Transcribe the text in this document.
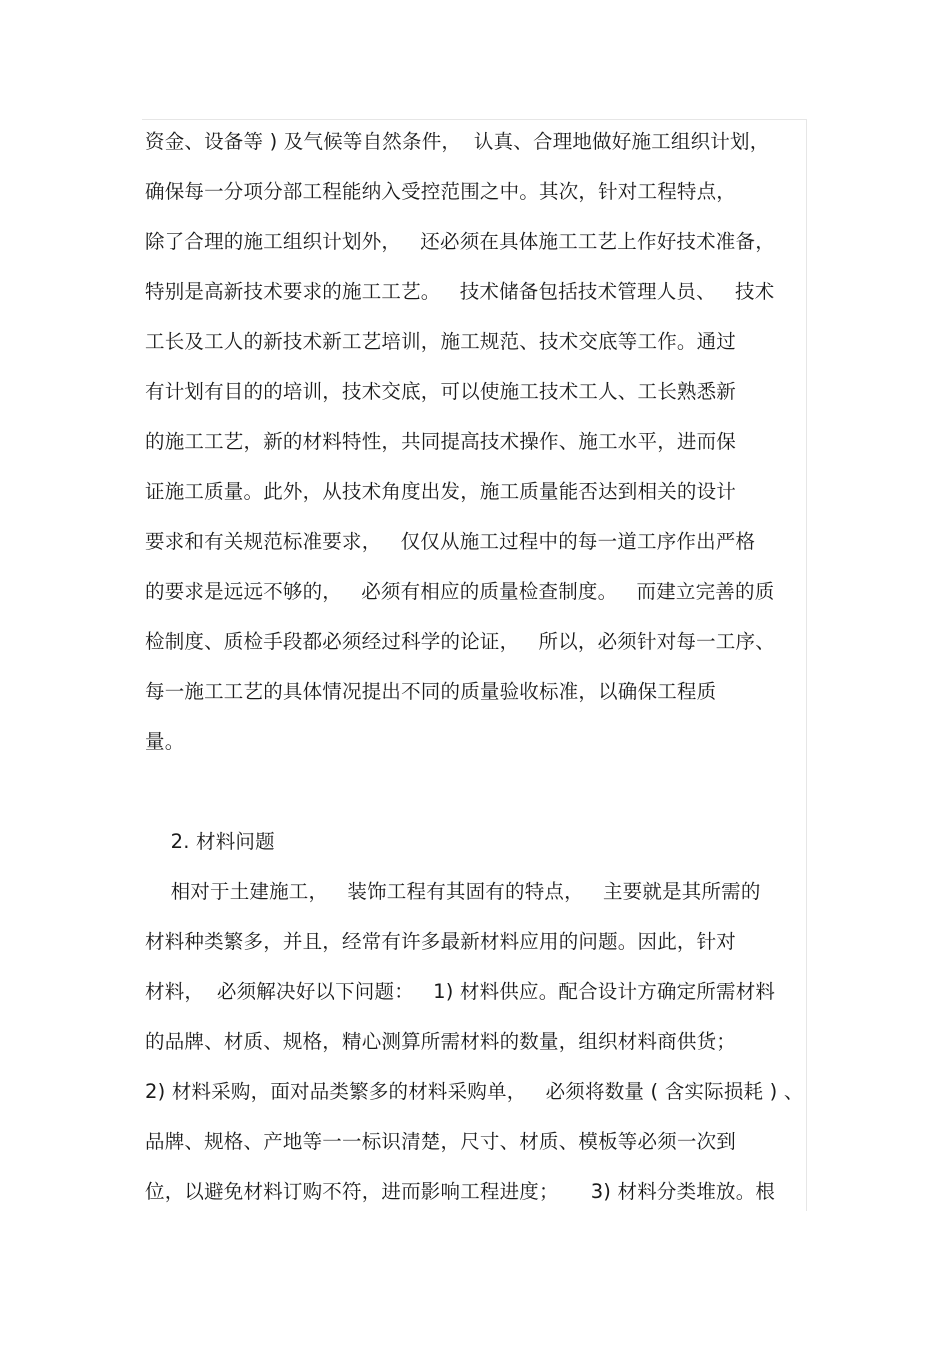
资金、设备等 ) 及气候等自然条件，  认真、合理地做好施工组织计划，
确保每一分项分部工程能纳入受控范围之中。其次，针对工程特点，
除了合理的施工组织计划外，   还必须在具体施工工艺上作好技术准备，
特别是高新技术要求的施工工艺。   技术储备包括技术管理人员、   技术
工长及工人的新技术新工艺培训，施工规范、技术交底等工作。通过
有计划有目的的培训，技术交底，可以使施工技术工人、工长熟悉新
的施工工艺，新的材料特性，共同提高技术操作、施工水平，进而保
证施工质量。此外，从技术角度出发，施工质量能否达到相关的设计
要求和有关规范标准要求，   仅仅从施工过程中的每一道工序作出严格
的要求是远远不够的，   必须有相应的质量检查制度。   而建立完善的质
检制度、质检手段都必须经过科学的论证，   所以，必须针对每一工序、
每一施工工艺的具体情况提出不同的质量验收标准，以确保工程质
量。
2. 材料问题
相对于土建施工，   装饰工程有其固有的特点，   主要就是其所需的
材料种类繁多，并且，经常有许多最新材料应用的问题。因此，针对
材料，  必须解决好以下问题：   1) 材料供应。配合设计方确定所需材料
的品牌、材质、规格，精心测算所需材料的数量，组织材料商供货；
2) 材料采购，面对品类繁多的材料采购单，   必须将数量 ( 含实际损耗 ) 、
品牌、规格、产地等一一标识清楚，尺寸、材质、模板等必须一次到
位，以避免材料订购不符，进而影响工程进度；     3) 材料分类堆放。根
